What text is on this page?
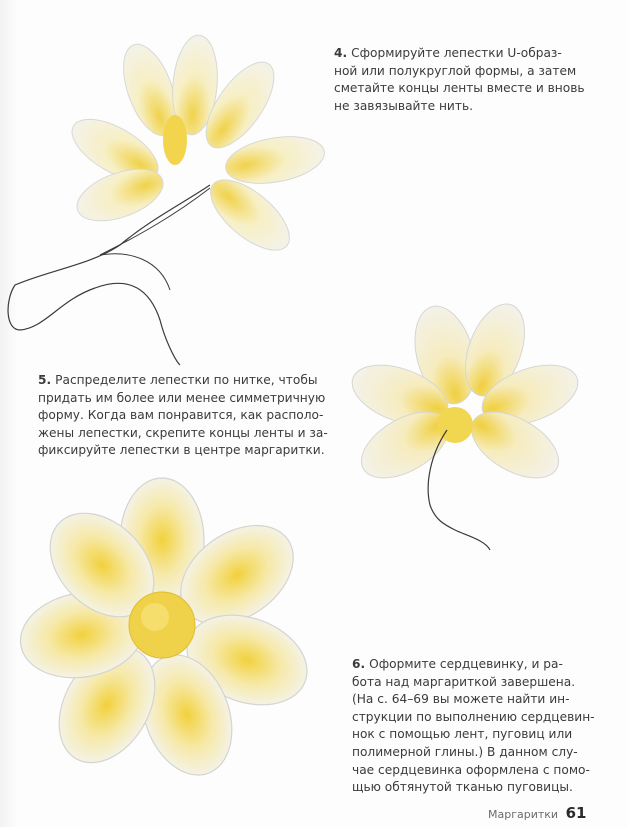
4. Сформируйте лепестки U-образ-

ной или полукруглой формы, а затем

сметайте концы ленты вместе и вновь

не завязывайте нить.

5. Распределите лепестки по нитке, чтобы

придать им более или менее симметричную

форму. Когда вам понравится, как располо-

жены лепестки, скрепите концы ленты и за-

фиксируйте лепестки в центре маргаритки.

6. Оформите сердцевинку, и ра-

бота над маргариткой завершена.

(На с. 64–69 вы можете найти ин-

струкции по выполнению сердцевин-

нок с помощью лент, пуговиц или

полимерной глины.) В данном слу-

чае сердцевинка оформлена с помо-

щью обтянутой тканью пуговицы.

Маргаритки 61
